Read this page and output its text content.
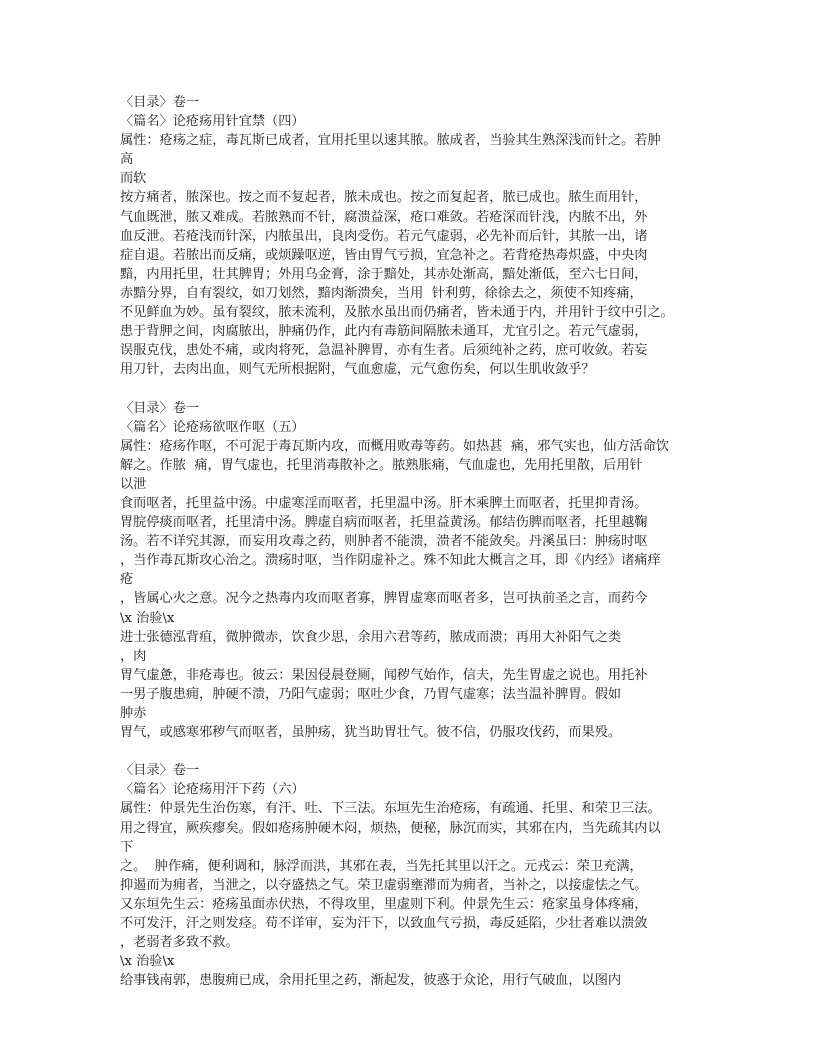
〈目录〉卷一
〈篇名〉论疮疡用针宜禁（四）
属性：疮疡之症，毒瓦斯已成者，宜用托里以速其脓。脓成者，当验其生熟深浅而针之。若肿
高
而软
按方痛者，脓深也。按之而不复起者，脓未成也。按之而复起者，脓已成也。脓生而用针，
气血既泄，脓又难成。若脓熟而不针，腐溃益深，疮口难敛。若疮深而针浅，内脓不出，外
血反泄。若疮浅而针深，内脓虽出，良肉受伤。若元气虚弱，必先补而后针，其脓一出，诸
症自退。若脓出而反痛，或烦躁呕逆，皆由胃气亏损，宜急补之。若背疮热毒炽盛，中央肉
黯，内用托里，壮其脾胃；外用乌金膏，涂于黯处，其赤处渐高，黯处渐低，至六七日间，
赤黯分界，自有裂纹，如刀划然，黯肉渐溃矣，当用  针利剪，徐徐去之，须使不知疼痛，
不见鲜血为妙。虽有裂纹，脓未流利，及脓水虽出而仍痛者，皆未通于内，并用针于纹中引之。
患于背胛之间，肉腐脓出，肿痛仍作，此内有毒筋间隔脓未通耳，尤宜引之。若元气虚弱，
误服克伐，患处不痛，或肉将死，急温补脾胃，亦有生者。后须纯补之药，庶可收敛。若妄
用刀针，去肉出血，则气无所根据附，气血愈虚，元气愈伤矣，何以生肌收敛乎？
〈目录〉卷一
〈篇名〉论疮疡欲呕作呕（五）
属性：疮疡作呕，不可泥于毒瓦斯内攻，而概用败毒等药。如热甚  痛，邪气实也，仙方活命饮
解之。作脓  痛，胃气虚也，托里消毒散补之。脓熟胀痛，气血虚也，先用托里散，后用针
以泄
食而呕者，托里益中汤。中虚寒淫而呕者，托里温中汤。肝木乘脾土而呕者，托里抑青汤。
胃脘停痰而呕者，托里清中汤。脾虚自病而呕者，托里益黄汤。郁结伤脾而呕者，托里越鞠
汤。若不详究其源，而妄用攻毒之药，则肿者不能溃，溃者不能敛矣。丹溪虽曰：肿疡时呕
，当作毒瓦斯攻心治之。溃疡时呕，当作阴虚补之。殊不知此大概言之耳，即《内经》诸痛痒
疮
，皆属心火之意。况今之热毒内攻而呕者寡，脾胃虚寒而呕者多，岂可执前圣之言，而药今
\x 治验\x
进士张德泓背疽，微肿微赤，饮食少思，余用六君等药，脓成而溃；再用大补阳气之类
，肉
胃气虚惫，非疮毒也。彼云：果因侵晨登厕，闻秽气始作，信夫，先生胃虚之说也。用托补
一男子腹患痈，肿硬不溃，乃阳气虚弱；呕吐少食，乃胃气虚寒；法当温补脾胃。假如
肿赤
胃气，或感寒邪秽气而呕者，虽肿疡，犹当助胃壮气。彼不信，仍服攻伐药，而果殁。
〈目录〉卷一
〈篇名〉论疮疡用汗下药（六）
属性：仲景先生治伤寒，有汗、吐、下三法。东垣先生治疮疡，有疏通、托里、和荣卫三法。
用之得宜，厥疾瘳矣。假如疮疡肿硬木闷，烦热，便秘，脉沉而实，其邪在内，当先疏其内以
下
之。  肿作痛，便利调和，脉浮而洪，其邪在表，当先托其里以汗之。元戎云：荣卫充满，
抑遏而为痈者，当泄之，以夺盛热之气。荣卫虚弱壅滞而为痈者，当补之，以接虚怯之气。
又东垣先生云：疮疡虽面赤伏热，不得攻里，里虚则下利。仲景先生云：疮家虽身体疼痛，
不可发汗，汗之则发痉。苟不详审，妄为汗下，以致血气亏损，毒反延陷，少壮者难以溃敛
，老弱者多致不救。
\x 治验\x
给事钱南郭，患腹痈已成，余用托里之药，渐起发，彼惑于众论，用行气破血，以图内
